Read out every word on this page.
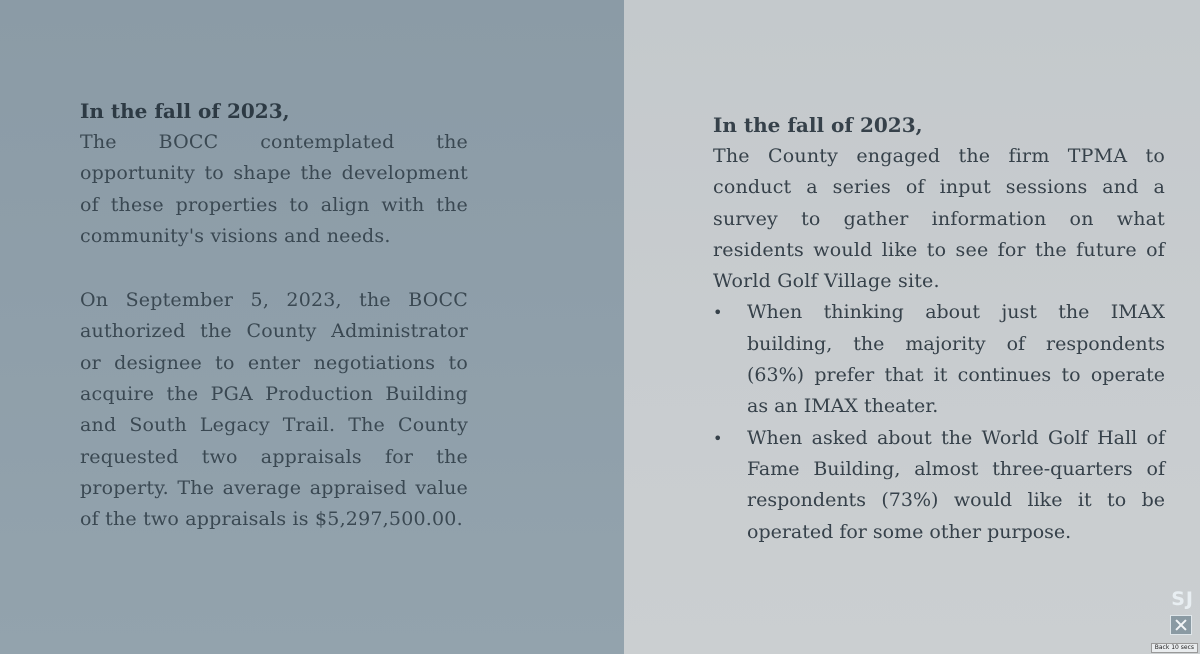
In the fall of 2023,

The BOCC contemplated the opportunity to shape the development of these properties to align with the community's visions and needs.

On September 5, 2023, the BOCC authorized the County Administrator or designee to enter negotiations to acquire the PGA Production Building and South Legacy Trail. The County requested two appraisals for the property. The average appraised value of the two appraisals is $5,297,500.00.

In the fall of 2023,

The County engaged the firm TPMA to conduct a series of input sessions and a survey to gather information on what residents would like to see for the future of World Golf Village site.

• When thinking about just the IMAX building, the majority of respondents (63%) prefer that it continues to operate as an IMAX theater.
• When asked about the World Golf Hall of Fame Building, almost three-quarters of respondents (73%) would like it to be operated for some other purpose.
SJ
Back 10 secs
